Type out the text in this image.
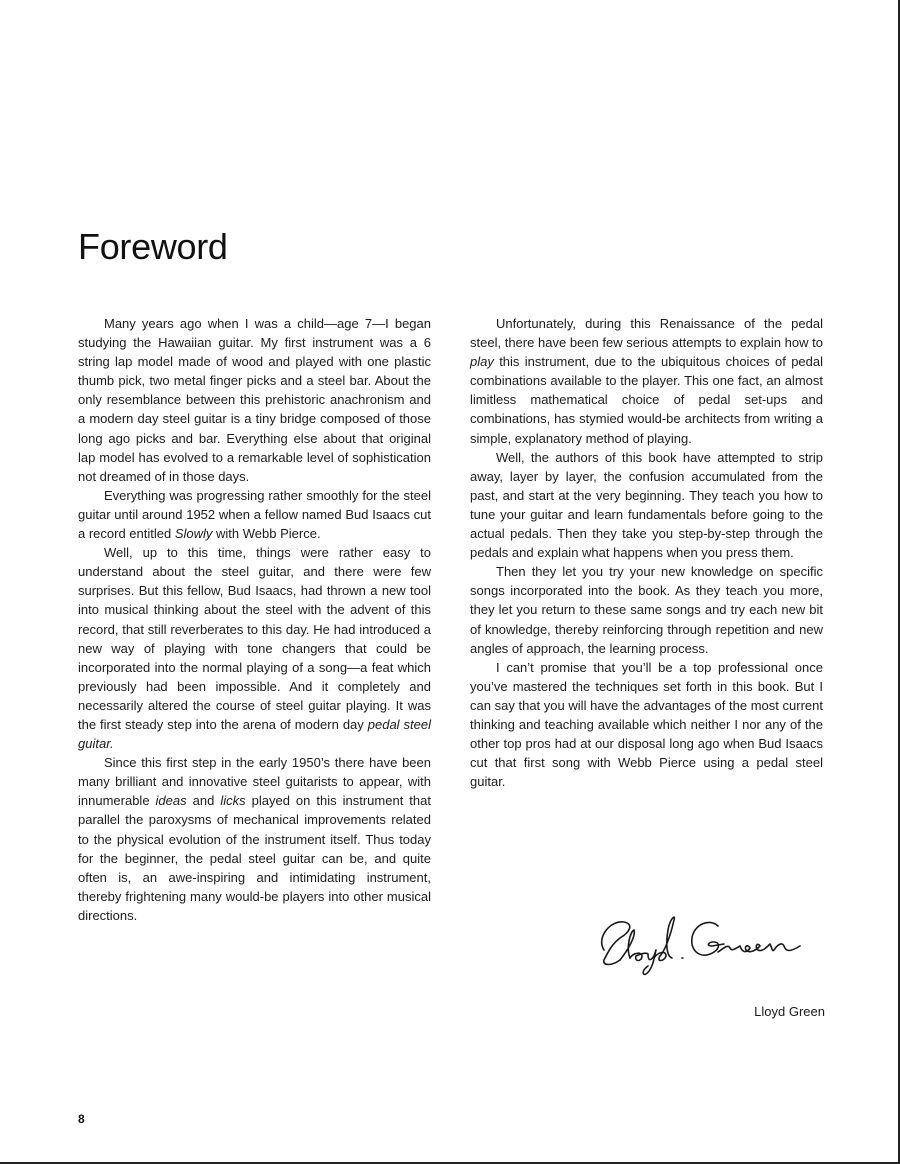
Foreword

Many years ago when I was a child—age 7—I began studying the Hawaiian guitar. My first instrument was a 6 string lap model made of wood and played with one plastic thumb pick, two metal finger picks and a steel bar. About the only resemblance between this prehistoric anachronism and a modern day steel guitar is a tiny bridge composed of those long ago picks and bar. Everything else about that original lap model has evolved to a remarkable level of sophistication not dreamed of in those days.

Everything was progressing rather smoothly for the steel guitar until around 1952 when a fellow named Bud Isaacs cut a record entitled Slowly with Webb Pierce.

Well, up to this time, things were rather easy to understand about the steel guitar, and there were few surprises. But this fellow, Bud Isaacs, had thrown a new tool into musical thinking about the steel with the advent of this record, that still reverberates to this day. He had introduced a new way of playing with tone changers that could be incorporated into the normal playing of a song—a feat which previously had been impossible. And it completely and necessarily altered the course of steel guitar playing. It was the first steady step into the arena of modern day pedal steel guitar.

Since this first step in the early 1950’s there have been many brilliant and innovative steel guitarists to appear, with innumerable ideas and licks played on this instrument that parallel the paroxysms of mechanical improvements related to the physical evolution of the instrument itself. Thus today for the beginner, the pedal steel guitar can be, and quite often is, an awe-inspiring and intimidating instrument, thereby frightening many would-be players into other musical directions.

Unfortunately, during this Renaissance of the pedal steel, there have been few serious attempts to explain how to play this instrument, due to the ubiquitous choices of pedal combinations available to the player. This one fact, an almost limitless mathematical choice of pedal set-ups and combinations, has stymied would-be architects from writing a simple, explanatory method of playing.

Well, the authors of this book have attempted to strip away, layer by layer, the confusion accumulated from the past, and start at the very beginning. They teach you how to tune your guitar and learn fundamentals before going to the actual pedals. Then they take you step-by-step through the pedals and explain what happens when you press them.

Then they let you try your new knowledge on specific songs incorporated into the book. As they teach you more, they let you return to these same songs and try each new bit of knowledge, thereby reinforcing through repetition and new angles of approach, the learning process.

I can’t promise that you’ll be a top professional once you’ve mastered the techniques set forth in this book. But I can say that you will have the advantages of the most current thinking and teaching available which neither I nor any of the other top pros had at our disposal long ago when Bud Isaacs cut that first song with Webb Pierce using a pedal steel guitar.

Lloyd Green
8
